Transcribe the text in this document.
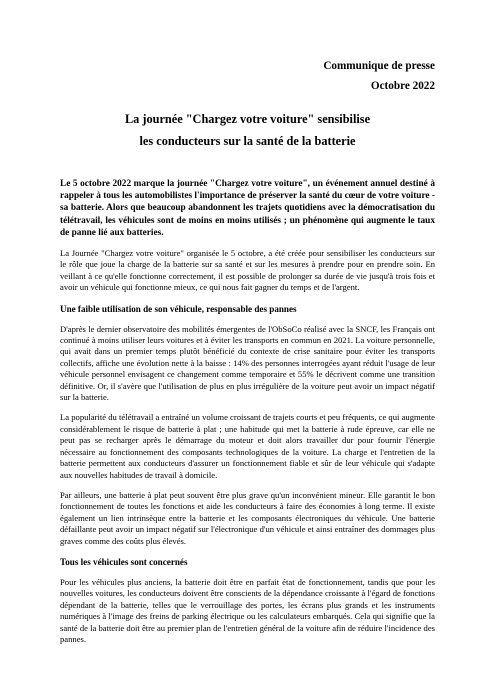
Communique de presse
Octobre 2022
La journée "Chargez votre voiture" sensibilise
les conducteurs sur la santé de la batterie
Le 5 octobre 2022 marque la journée "Chargez votre voiture", un événement annuel destiné à rappeler à tous les automobilistes l'importance de préserver la santé du cœur de votre voiture - sa batterie. Alors que beaucoup abandonnent les trajets quotidiens avec la démocratisation du télétravail, les véhicules sont de moins en moins utilisés ; un phénomène qui augmente le taux de panne lié aux batteries.

La Journée "Chargez votre voiture" organisée le 5 octobre, a été créée pour sensibiliser les conducteurs sur le rôle que joue la charge de la batterie sur sa santé et sur les mesures à prendre pour en prendre soin. En veillant à ce qu'elle fonctionne correctement, il est possible de prolonger sa durée de vie jusqu'à trois fois et avoir un véhicule qui fonctionne mieux, ce qui nous fait gagner du temps et de l'argent.

Une faible utilisation de son véhicule, responsable des pannes

D'après le dernier observatoire des mobilités émergentes de l'ObSoCo réalisé avec la SNCF, les Français ont continué à moins utiliser leurs voitures et à éviter les transports en commun en 2021. La voiture personnelle, qui avait dans un premier temps plutôt bénéficié du contexte de crise sanitaire pour éviter les transports collectifs, affiche une évolution nette à la baisse : 14% des personnes interrogées ayant réduit l'usage de leur véhicule personnel envisagent ce changement comme temporaire et 55% le décrivent comme une transition définitive. Or, il s'avère que l'utilisation de plus en plus irrégulière de la voiture peut avoir un impact négatif sur la batterie.

La popularité du télétravail a entraîné un volume croissant de trajets courts et peu fréquents, ce qui augmente considérablement le risque de batterie à plat ; une habitude qui met la batterie à rude épreuve, car elle ne peut pas se recharger après le démarrage du moteur et doit alors travailler dur pour fournir l'énergie nécessaire au fonctionnement des composants technologiques de la voiture. La charge et l'entretien de la batterie permettent aux conducteurs d'assurer un fonctionnement fiable et sûr de leur véhicule qui s'adapte aux nouvelles habitudes de travail à domicile.

Par ailleurs, une batterie à plat peut souvent être plus grave qu'un inconvénient mineur. Elle garantit le bon fonctionnement de toutes les fonctions et aide les conducteurs à faire des économies à long terme. Il existe également un lien intrinsèque entre la batterie et les composants électroniques du véhicule. Une batterie défaillante peut avoir un impact négatif sur l'électronique d'un véhicule et ainsi entraîner des dommages plus graves comme des coûts plus élevés.

Tous les véhicules sont concernés

Pour les véhicules plus anciens, la batterie doit être en parfait état de fonctionnement, tandis que pour les nouvelles voitures, les conducteurs doivent être conscients de la dépendance croissante à l'égard de fonctions dépendant de la batterie, telles que le verrouillage des portes, les écrans plus grands et les instruments numériques à l'image des freins de parking électrique ou les calculateurs embarqués. Cela qui signifie que la santé de la batterie doit être au premier plan de l'entretien général de la voiture afin de réduire l'incidence des pannes.
